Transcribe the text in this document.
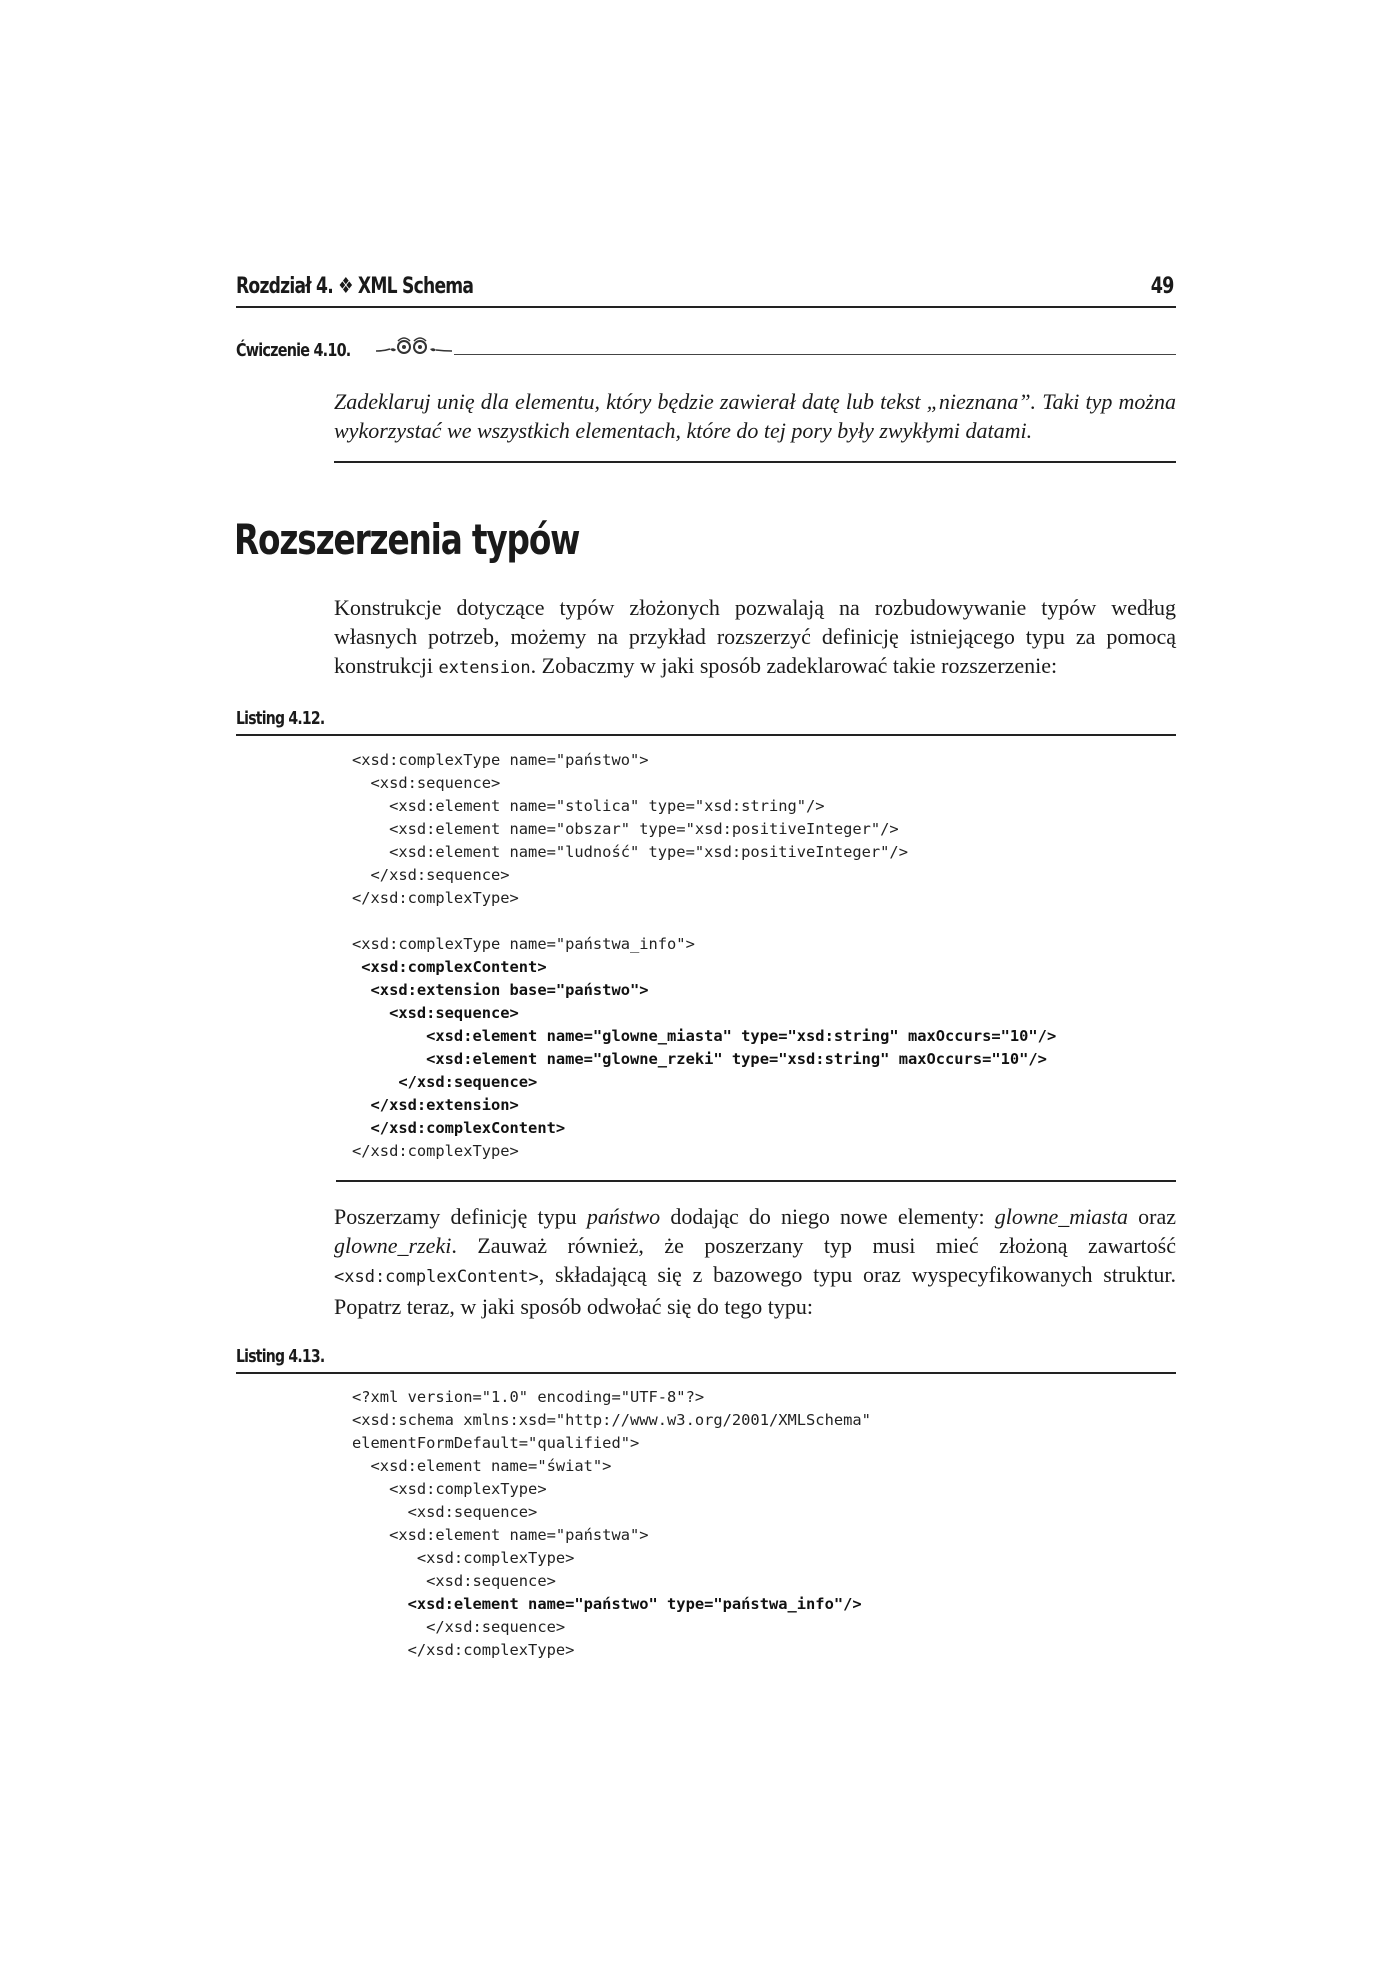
Rozdział 4. ❖ XML Schema	49
Ćwiczenie 4.10.
Zadeklaruj unię dla elementu, który będzie zawierał datę lub tekst „nieznana”. Taki typ można wykorzystać we wszystkich elementach, które do tej pory były zwykłymi datami.
Rozszerzenia typów
Konstrukcje dotyczące typów złożonych pozwalają na rozbudowywanie typów według własnych potrzeb, możemy na przykład rozszerzyć definicję istniejącego typu za pomocą konstrukcji extension. Zobaczmy w jaki sposób zadeklarować takie rozszerzenie:
Listing 4.12.
<xsd:complexType name="państwo">
<xsd:sequence>
<xsd:element name="stolica" type="xsd:string"/>
<xsd:element name="obszar" type="xsd:positiveInteger"/>
<xsd:element name="ludność" type="xsd:positiveInteger"/>
</xsd:sequence>
</xsd:complexType>
<xsd:complexType name="państwa_info">
<xsd:complexContent>
<xsd:extension base="państwo">
<xsd:sequence>
<xsd:element name="glowne_miasta" type="xsd:string" maxOccurs="10"/>
<xsd:element name="glowne_rzeki" type="xsd:string" maxOccurs="10"/>
</xsd:sequence>
</xsd:extension>
</xsd:complexContent>
</xsd:complexType>
Poszerzamy definicję typu państwo dodając do niego nowe elementy: glowne_miasta oraz glowne_rzeki. Zauważ również, że poszerzany typ musi mieć złożoną zawartość <xsd:complexContent>, składającą się z bazowego typu oraz wyspecyfikowanych struktur. Popatrz teraz, w jaki sposób odwołać się do tego typu:
Listing 4.13.
<?xml version="1.0" encoding="UTF-8"?>
<xsd:schema xmlns:xsd="http://www.w3.org/2001/XMLSchema"
elementFormDefault="qualified">
<xsd:element name="świat">
<xsd:complexType>
<xsd:sequence>
<xsd:element name="państwa">
<xsd:complexType>
<xsd:sequence>
<xsd:element name="państwo" type="państwa_info"/>
</xsd:sequence>
</xsd:complexType>
